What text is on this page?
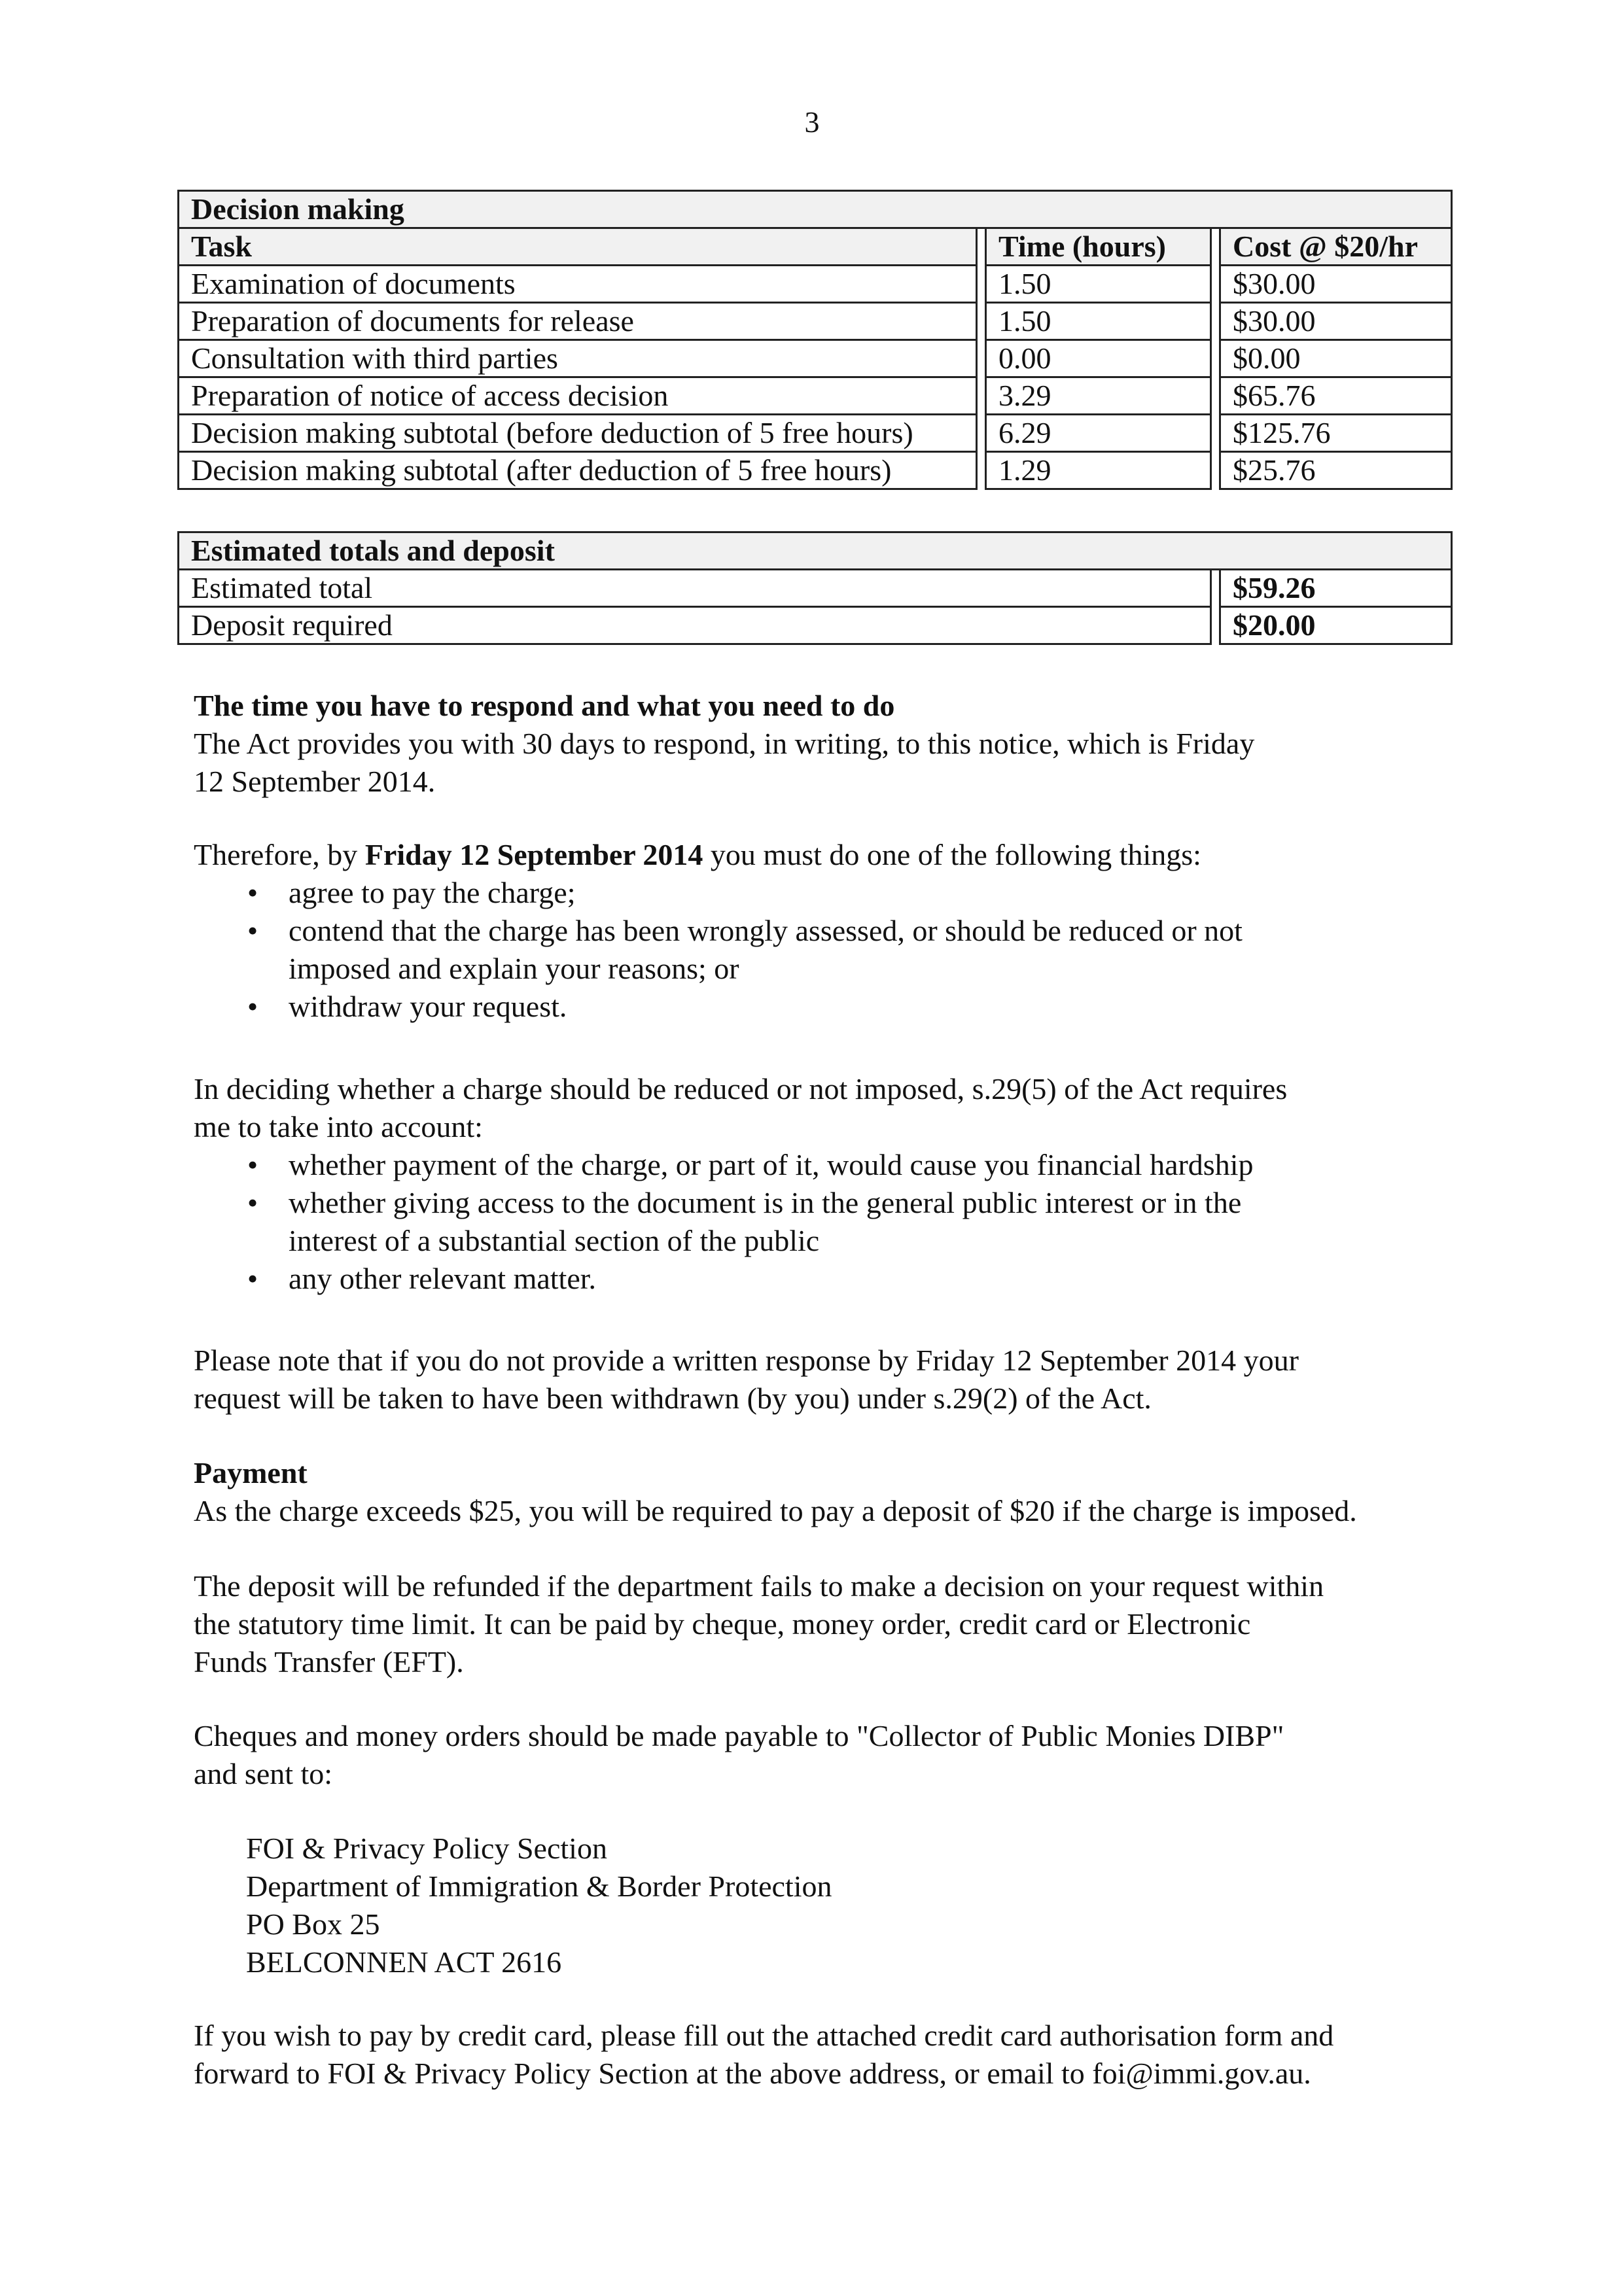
3
Decision making				
Task		Time (hours)		Cost @ $20/hr
Examination of documents		1.50		$30.00
Preparation of documents for release		1.50		$30.00
Consultation with third parties		0.00		$0.00
Preparation of notice of access decision		3.29		$65.76
Decision making subtotal (before deduction of 5 free hours)		6.29		$125.76
Decision making subtotal (after deduction of 5 free hours)		1.29		$25.76
Estimated totals and deposit		
Estimated total		$59.26
Deposit required		$20.00

The time you have to respond and what you need to do

The Act provides you with 30 days to respond, in writing, to this notice, which is Friday

12 September 2014.

Therefore, by Friday 12 September 2014 you must do one of the following things:

• agree to pay the charge;
• contend that the charge has been wrongly assessed, or should be reduced or not
imposed and explain your reasons; or
• withdraw your request.

In deciding whether a charge should be reduced or not imposed, s.29(5) of the Act requires

me to take into account:

• whether payment of the charge, or part of it, would cause you financial hardship
• whether giving access to the document is in the general public interest or in the
interest of a substantial section of the public
• any other relevant matter.

Please note that if you do not provide a written response by Friday 12 September 2014 your

request will be taken to have been withdrawn (by you) under s.29(2) of the Act.

Payment

As the charge exceeds $25, you will be required to pay a deposit of $20 if the charge is imposed.

The deposit will be refunded if the department fails to make a decision on your request within

the statutory time limit. It can be paid by cheque, money order, credit card or Electronic

Funds Transfer (EFT).

Cheques and money orders should be made payable to "Collector of Public Monies DIBP"

and sent to:

FOI & Privacy Policy Section

Department of Immigration & Border Protection

PO Box 25

BELCONNEN ACT 2616

If you wish to pay by credit card, please fill out the attached credit card authorisation form and

forward to FOI & Privacy Policy Section at the above address, or email to foi@immi.gov.au.
